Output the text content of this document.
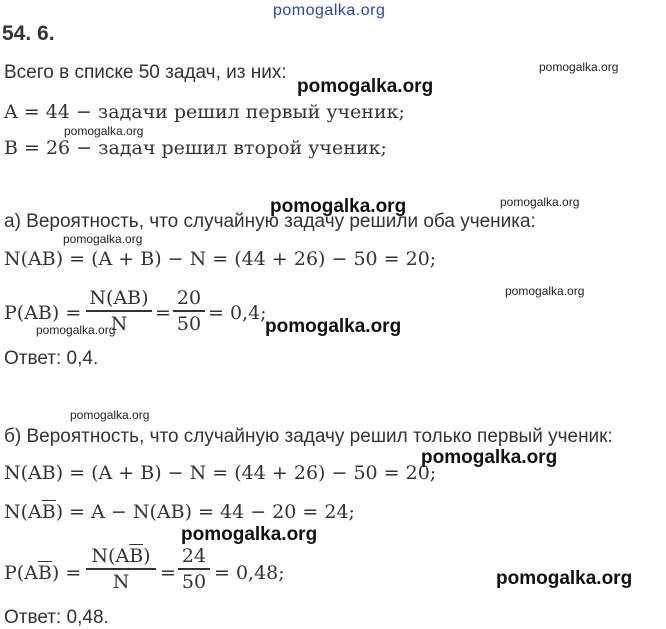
pomogalka.org
pomogalka.org
pomogalka.org
pomogalka.org
pomogalka.org	pomogalka.org
pomogalka.org
pomogalka.org
pomogalka.org
pomogalka.org
pomogalka.org
pomogalka.org
pomogalka.org
pomogalka.org
54. 6.
Всего в списке 50 задач, из них:
A = 44 − задачи решил первый ученик;
B = 26 − задач решил второй ученик;
а) Вероятность, что случайную задачу решили оба ученика:
N(AB) = (A + B) − N = (44 + 26) − 50 = 20;
P(AB) =
N(AB)
N	=
20
50 = 0,4;
Ответ: 0,4.
б) Вероятность, что случайную задачу решил только первый ученик:
N(AB) = (A + B) − N = (44 + 26) − 50 = 20;
$N(A\overline{B}) = A - N(AB) = 44 - 20 = 24$;
$P(A\overline{B})$ =
$N(A\overline{B})$
N	=
24
50 = 0,48;
Ответ: 0,48.
